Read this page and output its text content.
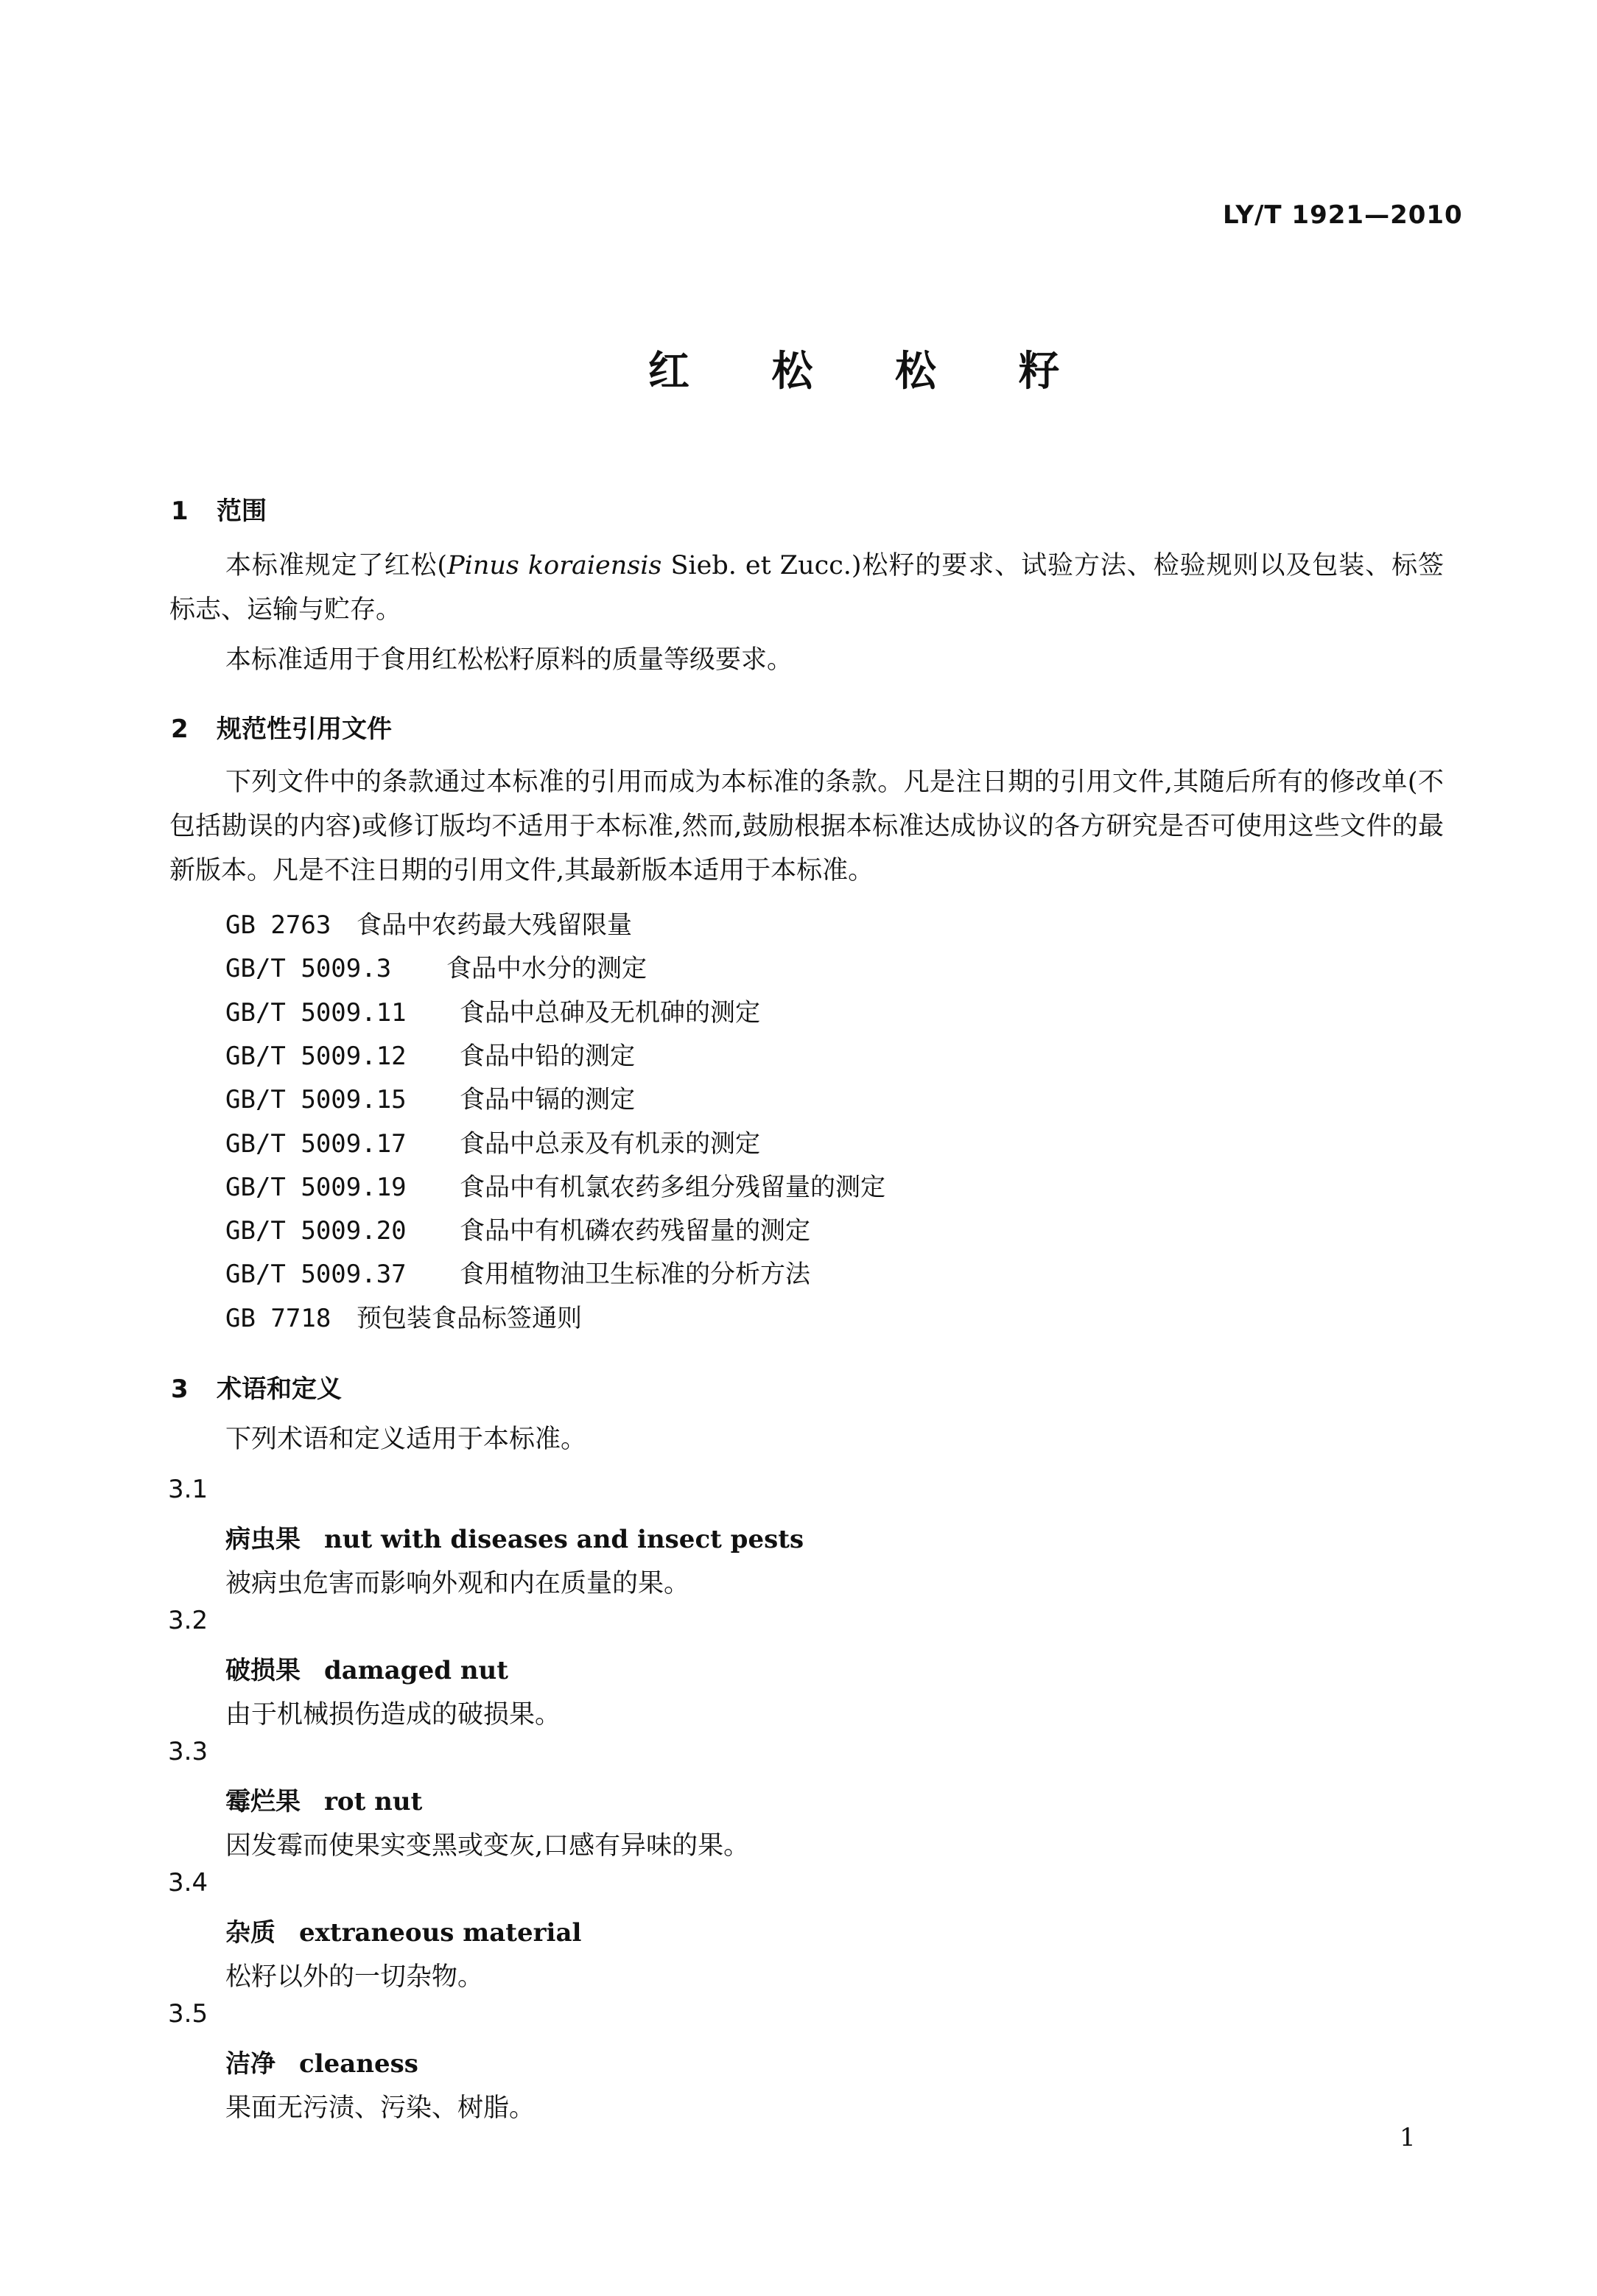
LY/T 1921—2010
红 松 松 籽
1 范围

本标准规定了红松(Pinus koraiensis Sieb. et Zucc.)松籽的要求、试验方法、检验规则以及包装、标签标志、运输与贮存。

本标准适用于食用红松松籽原料的质量等级要求。

2 规范性引用文件

下列文件中的条款通过本标准的引用而成为本标准的条款。凡是注日期的引用文件,其随后所有的修改单(不包括勘误的内容)或修订版均不适用于本标准,然而,鼓励根据本标准达成协议的各方研究是否可使用这些文件的最新版本。凡是不注日期的引用文件,其最新版本适用于本标准。

GB 2763 食品中农药最大残留限量
GB/T 5009.3 食品中水分的测定
GB/T 5009.11 食品中总砷及无机砷的测定
GB/T 5009.12 食品中铅的测定
GB/T 5009.15 食品中镉的测定
GB/T 5009.17 食品中总汞及有机汞的测定
GB/T 5009.19 食品中有机氯农药多组分残留量的测定
GB/T 5009.20 食品中有机磷农药残留量的测定
GB/T 5009.37 食用植物油卫生标准的分析方法
GB 7718 预包装食品标签通则
3 术语和定义
下列术语和定义适用于本标准。
3.1
病虫果 nut with diseases and insect pests
被病虫危害而影响外观和内在质量的果。
3.2
破损果 damaged nut
由于机械损伤造成的破损果。
3.3
霉烂果 rot nut
因发霉而使果实变黑或变灰,口感有异味的果。
3.4
杂质 extraneous material
松籽以外的一切杂物。
3.5
洁净 cleaness
果面无污渍、污染、树脂。
1
